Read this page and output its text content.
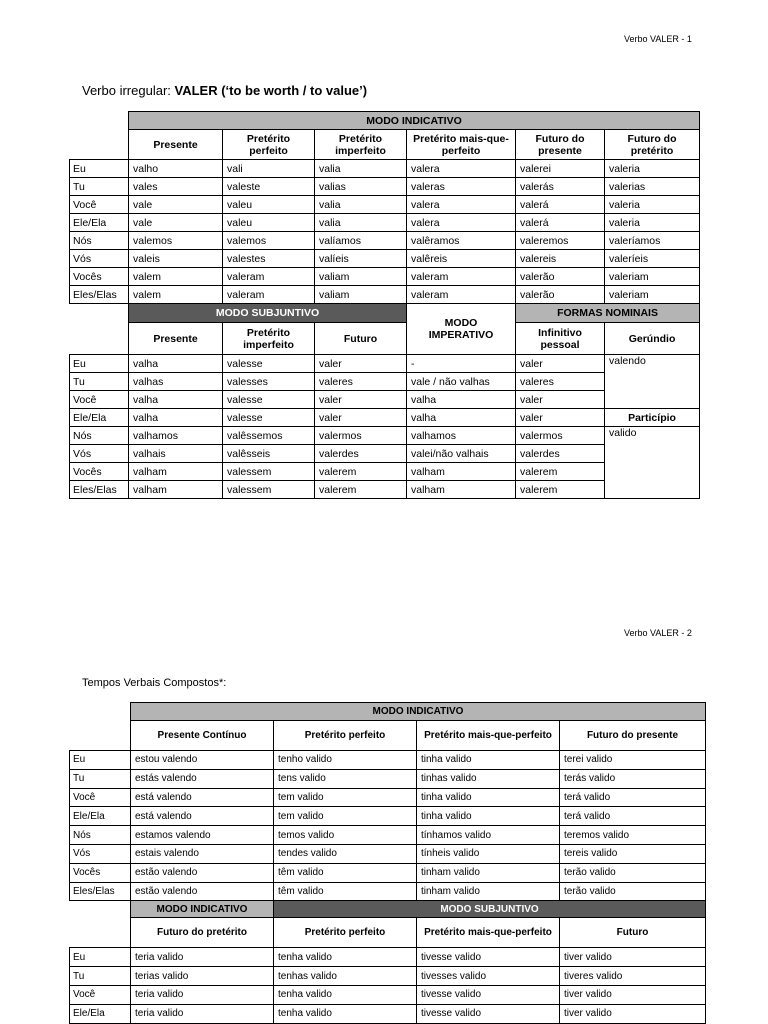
Verbo VALER - 1
Verbo irregular: VALER (‘to be worth / to value’)
	MODO INDICATIVO					
	Presente	Pretérito perfeito	Pretérito imperfeito	Pretérito mais-que-perfeito	Futuro do presente	Futuro do pretérito
Eu	valho	vali	valia	valera	valerei	valeria
Tu	vales	valeste	valias	valeras	valerás	valerias
Você	vale	valeu	valia	valera	valerá	valeria
Ele/Ela	vale	valeu	valia	valera	valerá	valeria
Nós	valemos	valemos	valíamos	valêramos	valeremos	valeríamos
Vós	valeis	valestes	valíeis	valêreis	valereis	valeríeis
Vocês	valem	valeram	valiam	valeram	valerão	valeriam
Eles/Elas	valem	valeram	valiam	valeram	valerão	valeriam
	MODO SUBJUNTIVO			MODO IMPERATIVO	FORMAS NOMINAIS	
	Presente	Pretérito imperfeito	Futuro		Infinitivo pessoal	Gerúndio
Eu	valha	valesse	valer	-	valer	valendo
Tu	valhas	valesses	valeres	vale / não valhas	valeres	
Você	valha	valesse	valer	valha	valer	
Ele/Ela	valha	valesse	valer	valha	valer	Particípio
Nós	valhamos	valêssemos	valermos	valhamos	valermos	valido
Vós	valhais	valêsseis	valerdes	valei/não valhais	valerdes	
Vocês	valham	valessem	valerem	valham	valerem	
Eles/Elas	valham	valessem	valerem	valham	valerem	
Verbo VALER - 2
Tempos Verbais Compostos*:
	MODO INDICATIVO			
	Presente Contínuo	Pretérito perfeito	Pretérito mais-que-perfeito	Futuro do presente
Eu	estou valendo	tenho valido	tinha valido	terei valido
Tu	estás valendo	tens valido	tinhas valido	terás valido
Você	está valendo	tem valido	tinha valido	terá valido
Ele/Ela	está valendo	tem valido	tinha valido	terá valido
Nós	estamos valendo	temos valido	tínhamos valido	teremos valido
Vós	estais valendo	tendes valido	tínheis valido	tereis valido
Vocês	estão valendo	têm valido	tinham valido	terão valido
Eles/Elas	estão valendo	têm valido	tinham valido	terão valido
	MODO INDICATIVO	MODO SUBJUNTIVO		
	Futuro do pretérito	Pretérito perfeito	Pretérito mais-que-perfeito	Futuro
Eu	teria valido	tenha valido	tivesse valido	tiver valido
Tu	terias valido	tenhas valido	tivesses valido	tiveres valido
Você	teria valido	tenha valido	tivesse valido	tiver valido
Ele/Ela	teria valido	tenha valido	tivesse valido	tiver valido
